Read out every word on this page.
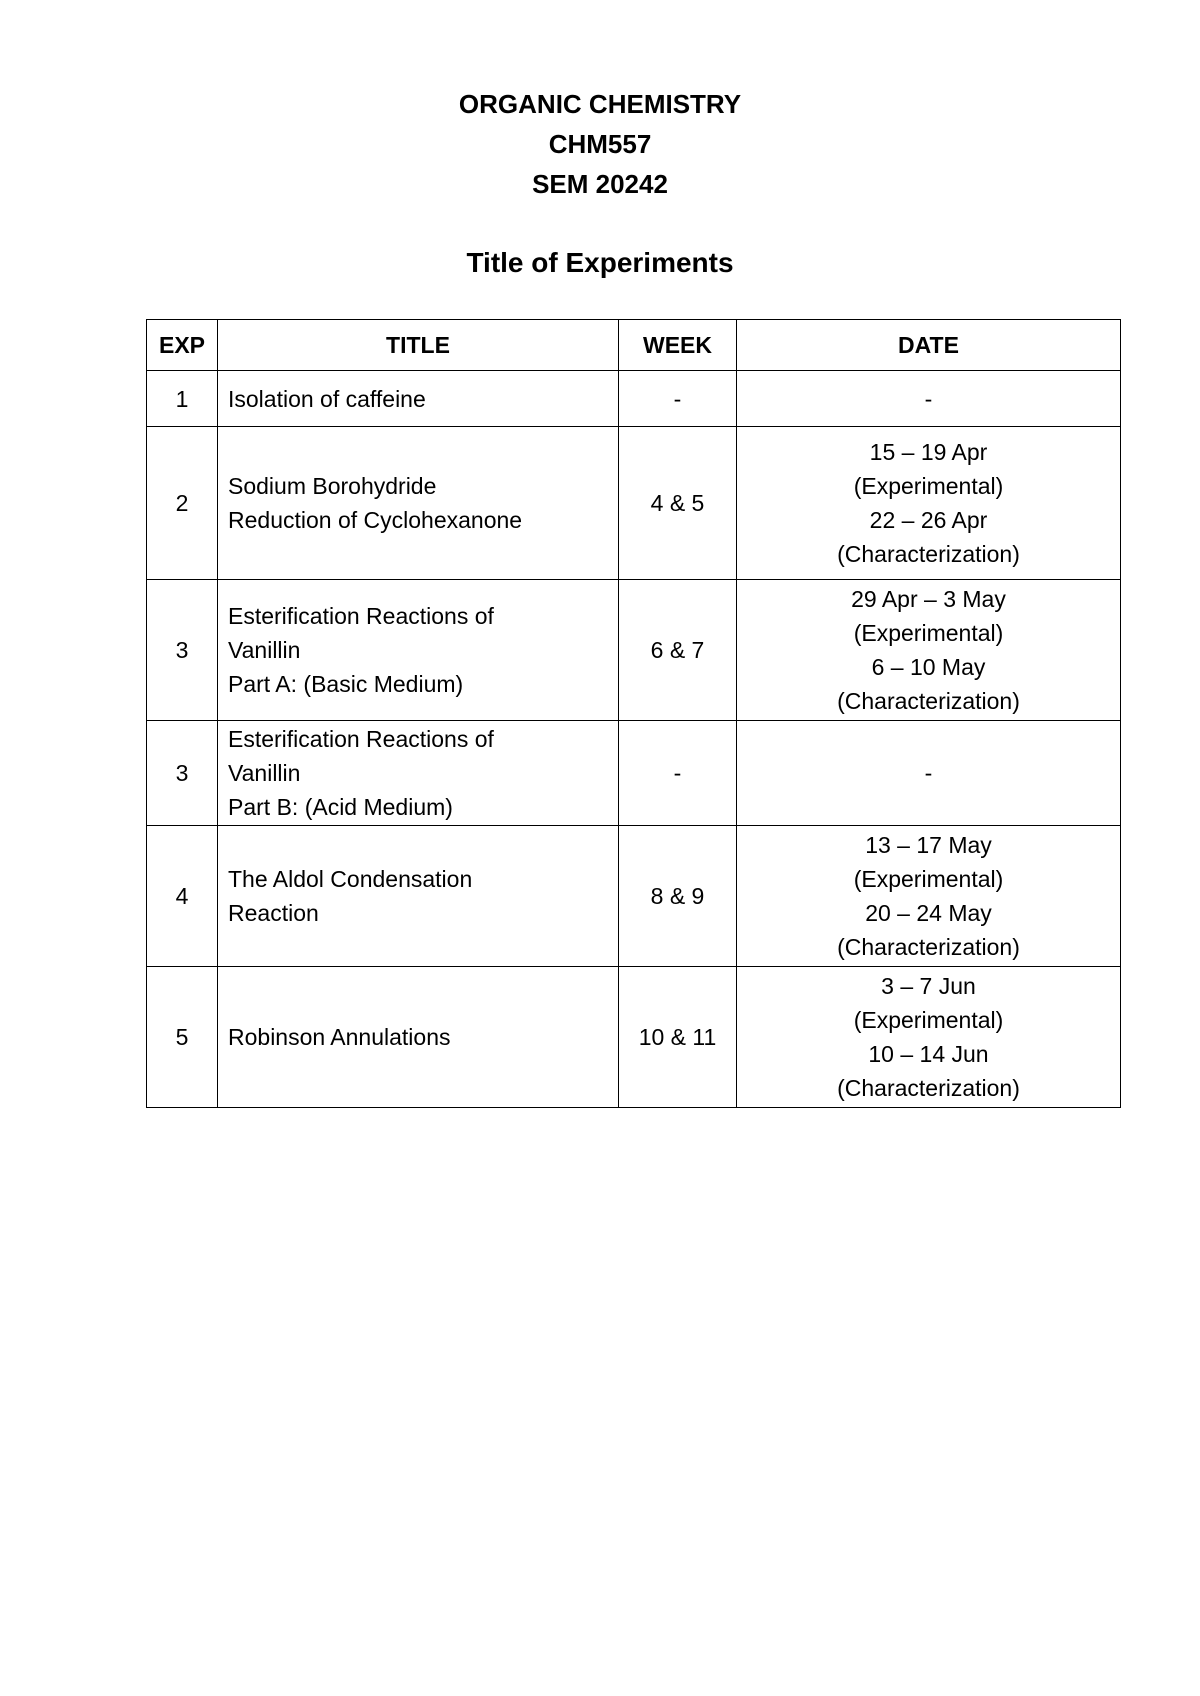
ORGANIC CHEMISTRY
CHM557
SEM 20242
Title of Experiments
EXP	TITLE	WEEK	DATE
1	Isolation of caffeine	-	-

2	Sodium Borohydride
Reduction of Cyclohexanone	4 & 5	15 – 19 Apr
(Experimental)
22 – 26 Apr
(Characterization)

3	Esterification Reactions of
Vanillin
Part A: (Basic Medium)	6 & 7	29 Apr – 3 May
(Experimental)
6 – 10 May
(Characterization)

3	Esterification Reactions of
Vanillin
Part B: (Acid Medium)	-	-

4	The Aldol Condensation
Reaction	8 & 9	13 – 17 May
(Experimental)
20 – 24 May
(Characterization)

5	Robinson Annulations	10 & 11	3 – 7 Jun
(Experimental)
10 – 14 Jun
(Characterization)
